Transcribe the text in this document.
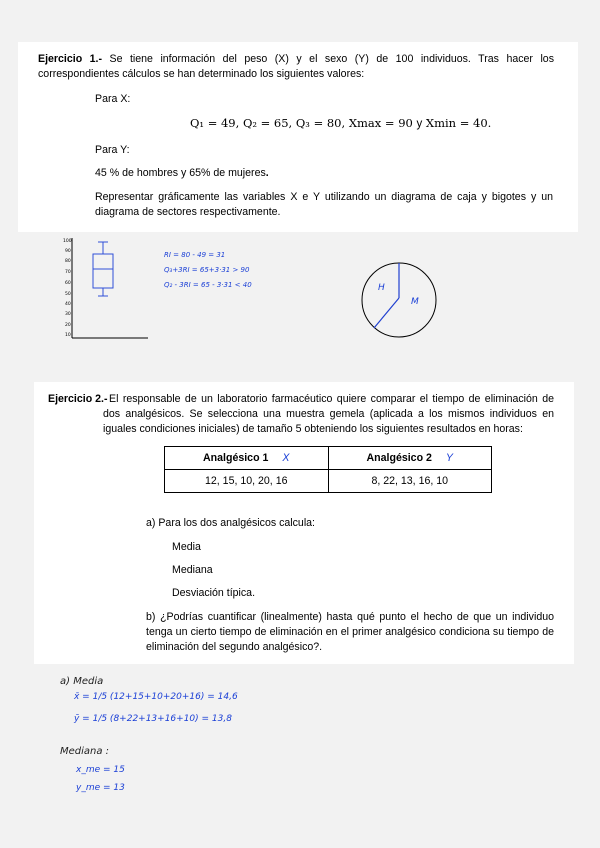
Ejercicio 1.- Se tiene información del peso (X) y el sexo (Y) de 100 individuos. Tras hacer los correspondientes cálculos se han determinado los siguientes valores:
Para X:
Q₁ = 49, Q₂ = 65, Q₃ = 80, Xmax = 90 y Xmin = 40.
Para Y:
45 % de hombres y 65% de mujeres.
Representar gráficamente las variables X e Y utilizando un diagrama de caja y bigotes y un diagrama de sectores respectivamente.
100
90
80
70
60
50
40
30
20
10
RI = 80 - 49 = 31
Q₃+3RI = 65+3·31 > 90
Q₂ - 3RI = 65 - 3·31 < 40	H
M
Ejercicio 2.- El responsable de un laboratorio farmacéutico quiere comparar el tiempo de eliminación de dos analgésicos. Se selecciona una muestra gemela (aplicada a los mismos individuos en iguales condiciones iniciales) de tamaño 5 obteniendo los siguientes resultados en horas:
Analgésico 1 X	Analgésico 2 Y
12, 15, 10, 20, 16	8, 22, 13, 16, 10
a) Para los dos analgésicos calcula:
Media
Mediana
Desviación típica.
b) ¿Podrías cuantificar (linealmente) hasta qué punto el hecho de que un individuo tenga un cierto tiempo de eliminación en el primer analgésico condiciona su tiempo de eliminación del segundo analgésico?.
a) Media
x̄ = 1/5 (12+15+10+20+16) = 14,6
ȳ = 1/5 (8+22+13+16+10) = 13,8
Mediana :
x_me = 15
y_me = 13
